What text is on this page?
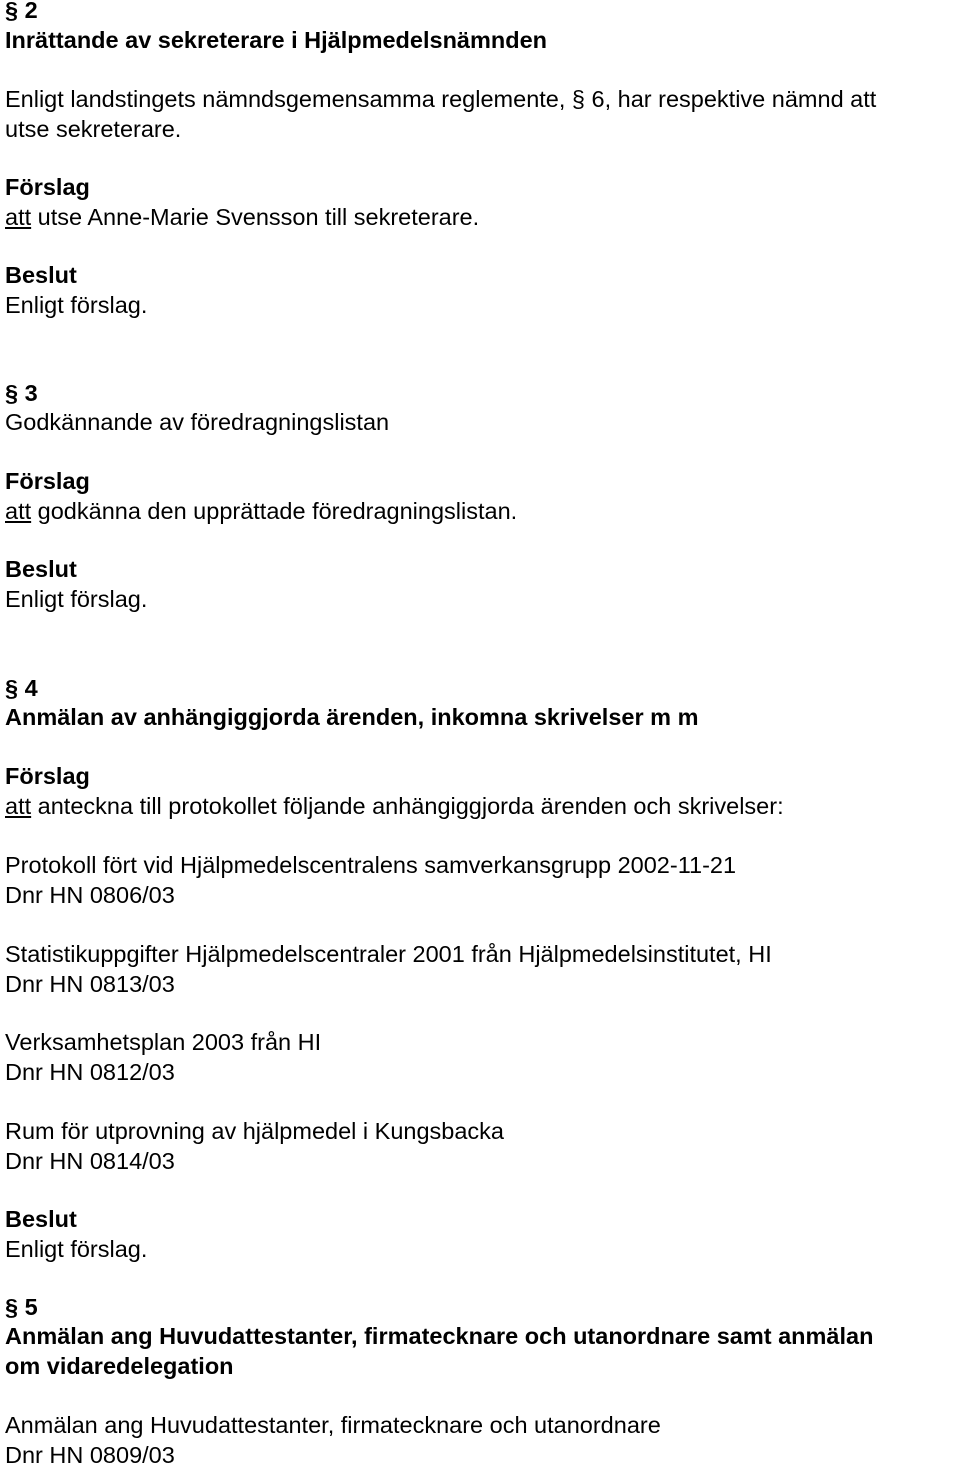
§ 2
Inrättande av sekreterare i Hjälpmedelsnämnden
Enligt landstingets nämndsgemensamma reglemente, § 6, har respektive nämnd att
utse sekreterare.
Förslag
att utse Anne-Marie Svensson till sekreterare.
Beslut
Enligt förslag.
§ 3
Godkännande av föredragningslistan
Förslag
att godkänna den upprättade föredragningslistan.
Beslut
Enligt förslag.
§ 4
Anmälan av anhängiggjorda ärenden, inkomna skrivelser m m
Förslag
att anteckna till protokollet följande anhängiggjorda ärenden och skrivelser:
Protokoll fört vid Hjälpmedelscentralens samverkansgrupp 2002-11-21
Dnr HN 0806/03
Statistikuppgifter Hjälpmedelscentraler 2001 från Hjälpmedelsinstitutet, HI
Dnr HN 0813/03
Verksamhetsplan 2003 från HI
Dnr HN 0812/03
Rum för utprovning av hjälpmedel i Kungsbacka
Dnr HN 0814/03
Beslut
Enligt förslag.
§ 5
Anmälan ang Huvudattestanter, firmatecknare och utanordnare samt anmälan
om vidaredelegation
Anmälan ang Huvudattestanter, firmatecknare och utanordnare
Dnr HN 0809/03
